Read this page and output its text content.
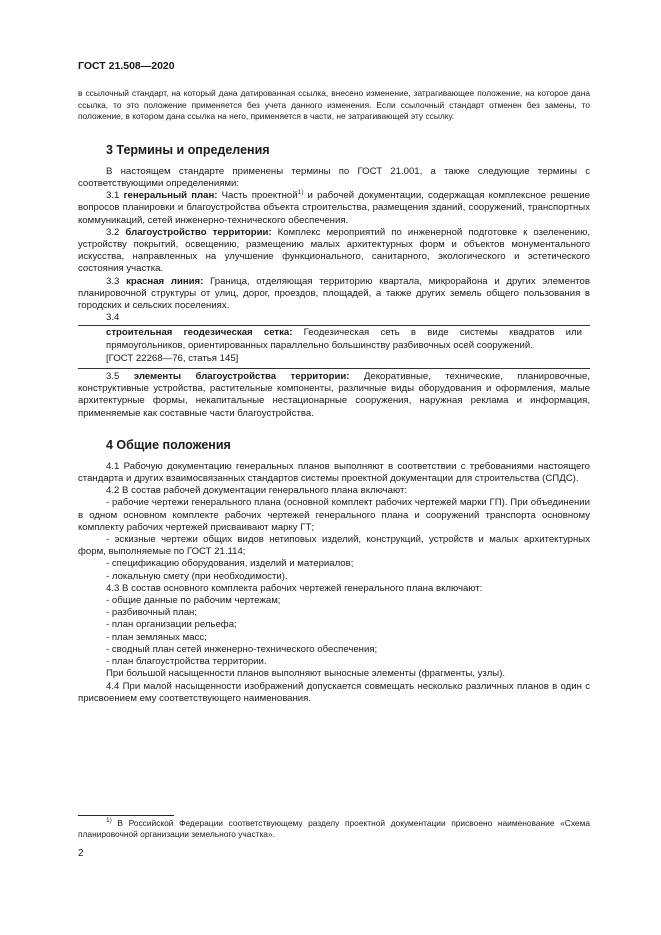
ГОСТ 21.508—2020

в ссылочный стандарт, на который дана датированная ссылка, внесено изменение, затрагивающее положение, на которое дана ссылка, то это положение применяется без учета данного изменения. Если ссылочный стандарт отменен без замены, то положение, в котором дана ссылка на него, применяется в части, не затрагивающей эту ссылку.

3 Термины и определения

В настоящем стандарте применены термины по ГОСТ 21.001, а также следующие термины с соответствующими определениями:

3.1 генеральный план: Часть проектной$^{1)}$ и рабочей документации, содержащая комплексное решение вопросов планировки и благоустройства объекта строительства, размещения зданий, сооружений, транспортных коммуникаций, сетей инженерно-технического обеспечения.

3.2 благоустройство территории: Комплекс мероприятий по инженерной подготовке к озеленению, устройству покрытий, освещению, размещению малых архитектурных форм и объектов монументального искусства, направленных на улучшение функционального, санитарного, экологического и эстетического состояния участка.

3.3 красная линия: Граница, отделяющая территорию квартала, микрорайона и других элементов планировочной структуры от улиц, дорог, проездов, площадей, а также других земель общего пользования в городских и сельских поселениях.

3.4

строительная геодезическая сетка: Геодезическая сеть в виде системы квадратов или прямоугольников, ориентированных параллельно большинству разбивочных осей сооружений.

[ГОСТ 22268—76, статья 145]

3.5 элементы благоустройства территории: Декоративные, технические, планировочные, конструктивные устройства, растительные компоненты, различные виды оборудования и оформления, малые архитектурные формы, некапитальные нестационарные сооружения, наружная реклама и информация, применяемые как составные части благоустройства.

4 Общие положения

4.1 Рабочую документацию генеральных планов выполняют в соответствии с требованиями настоящего стандарта и других взаимосвязанных стандартов системы проектной документации для строительства (СПДС).

4.2 В состав рабочей документации генерального плана включают:

- рабочие чертежи генерального плана (основной комплект рабочих чертежей марки ГП). При объединении в одном основном комплекте рабочих чертежей генерального плана и сооружений транспорта основному комплекту рабочих чертежей присваивают марку ГТ;

- эскизные чертежи общих видов нетиповых изделий, конструкций, устройств и малых архитектурных форм, выполняемые по ГОСТ 21.114;

- спецификацию оборудования, изделий и материалов;

- локальную смету (при необходимости).

4.3 В состав основного комплекта рабочих чертежей генерального плана включают:

- общие данные по рабочим чертежам;

- разбивочный план;

- план организации рельефа;

- план земляных масс;

- сводный план сетей инженерно-технического обеспечения;

- план благоустройства территории.

При большой насыщенности планов выполняют выносные элементы (фрагменты, узлы).

4.4 При малой насыщенности изображений допускается совмещать несколько различных планов в один с присвоением ему соответствующего наименования.

$^{1)}$ В Российской Федерации соответствующему разделу проектной документации присвоено наименование «Схема планировочной организации земельного участка».

2
